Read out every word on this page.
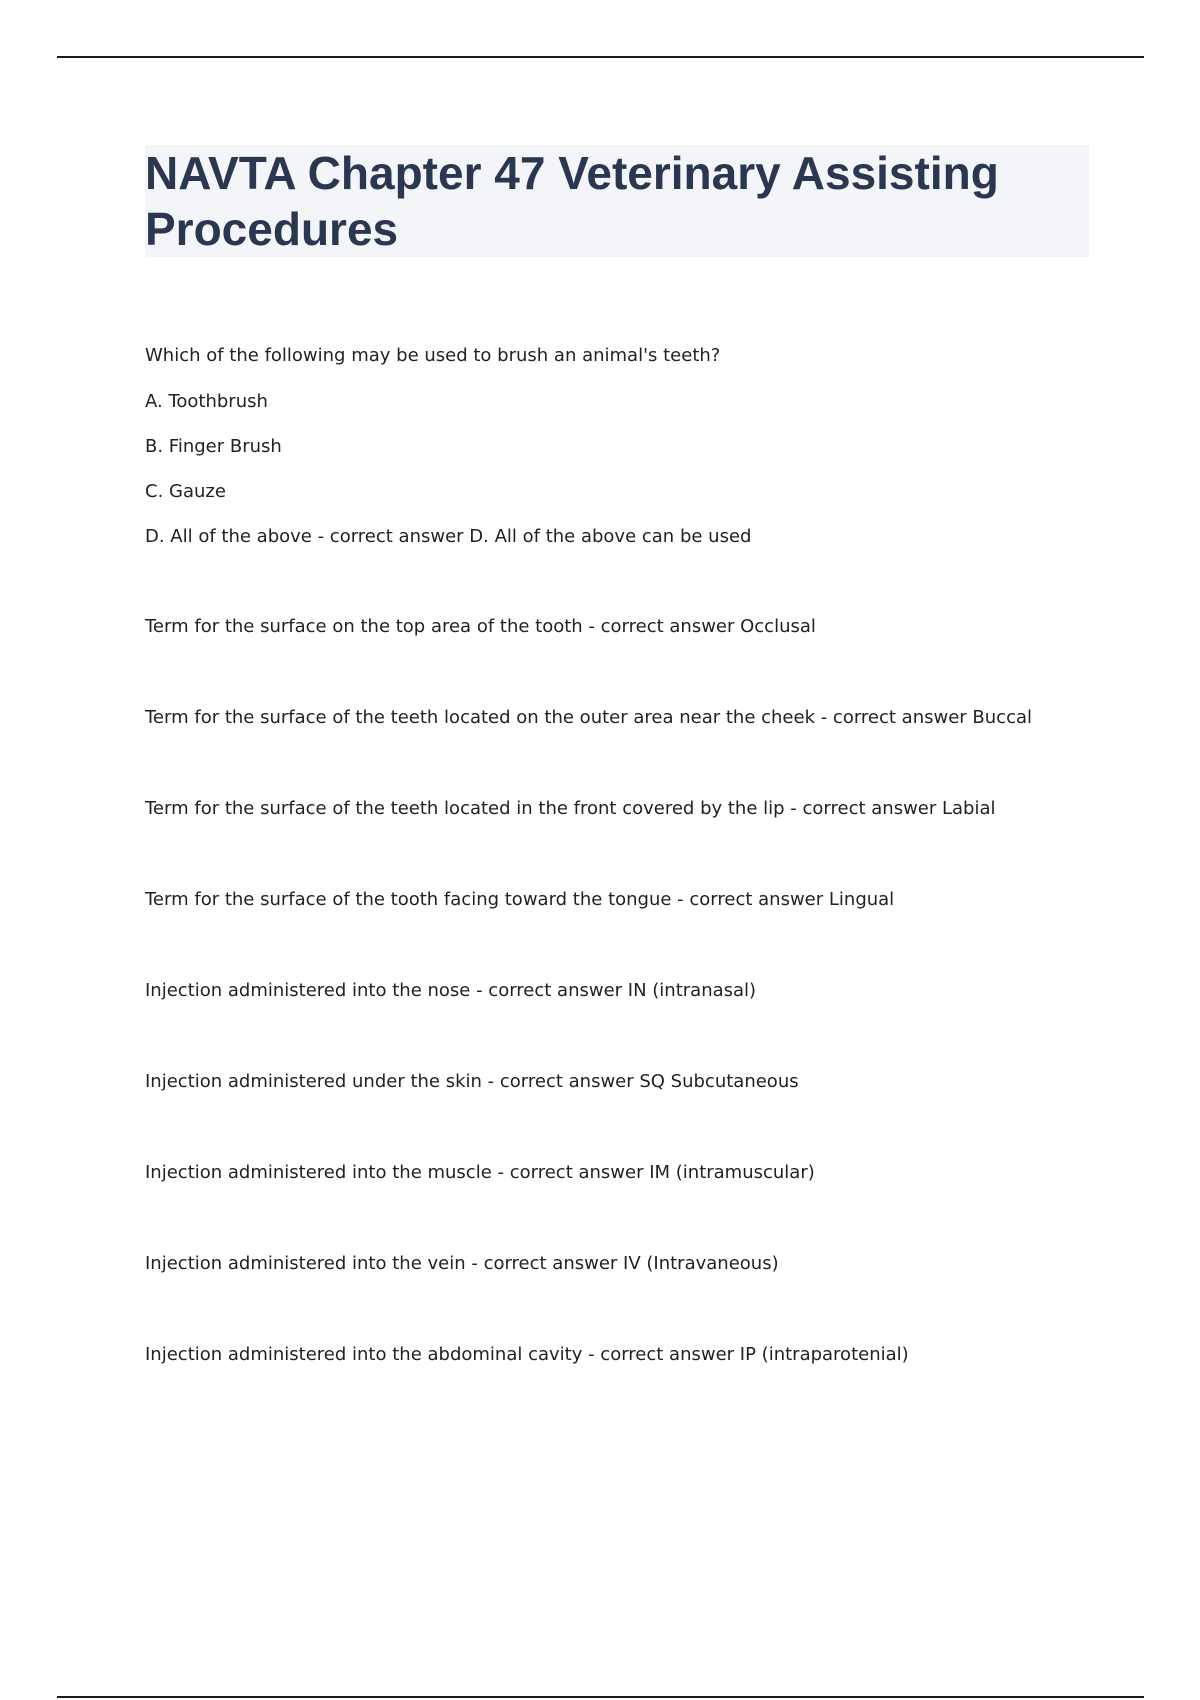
NAVTA Chapter 47 Veterinary Assisting Procedures
Which of the following may be used to brush an animal's teeth?
A. Toothbrush
B. Finger Brush
C. Gauze
D. All of the above - correct answer D. All of the above can be used
Term for the surface on the top area of the tooth - correct answer Occlusal
Term for the surface of the teeth located on the outer area near the cheek - correct answer Buccal
Term for the surface of the teeth located in the front covered by the lip - correct answer Labial
Term for the surface of the tooth facing toward the tongue - correct answer Lingual
Injection administered into the nose - correct answer IN (intranasal)
Injection administered under the skin - correct answer SQ Subcutaneous
Injection administered into the muscle - correct answer IM (intramuscular)
Injection administered into the vein - correct answer IV (Intravaneous)
Injection administered into the abdominal cavity - correct answer IP (intraparotenial)
